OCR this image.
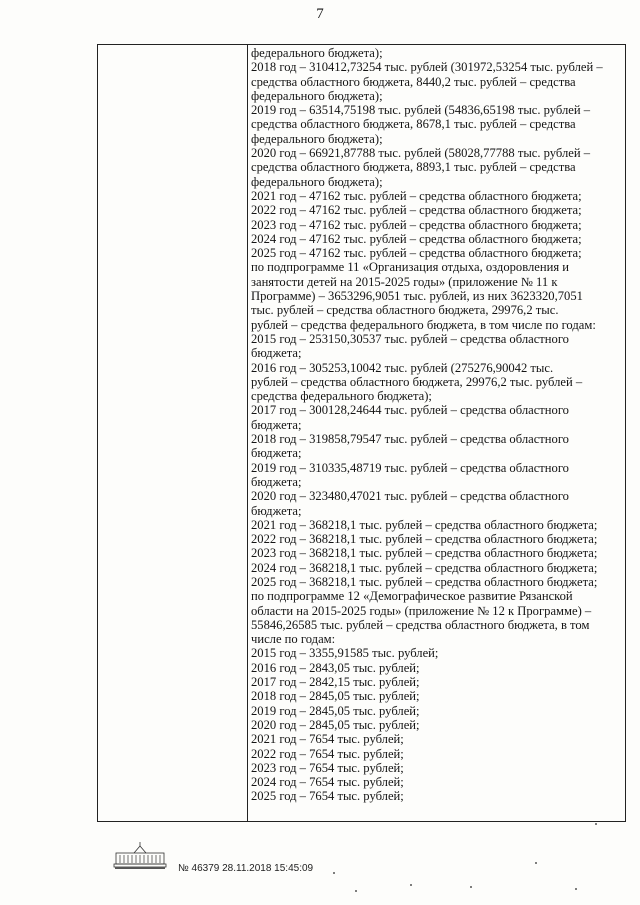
7
федерального бюджета);
2018 год – 310412,73254 тыс. рублей (301972,53254 тыс. рублей –
средства областного бюджета, 8440,2 тыс. рублей – средства
федерального бюджета);
2019 год – 63514,75198 тыс. рублей (54836,65198 тыс. рублей –
средства областного бюджета, 8678,1 тыс. рублей – средства
федерального бюджета);
2020 год – 66921,87788 тыс. рублей (58028,77788 тыс. рублей –
средства областного бюджета, 8893,1 тыс. рублей – средства
федерального бюджета);
2021 год – 47162 тыс. рублей – средства областного бюджета;
2022 год – 47162 тыс. рублей – средства областного бюджета;
2023 год – 47162 тыс. рублей – средства областного бюджета;
2024 год – 47162 тыс. рублей – средства областного бюджета;
2025 год – 47162 тыс. рублей – средства областного бюджета;
по подпрограмме 11 «Организация отдыха, оздоровления и
занятости детей на 2015-2025 годы» (приложение № 11 к
Программе) – 3653296,9051 тыс. рублей, из них 3623320,7051
тыс. рублей – средства областного бюджета, 29976,2 тыс.
рублей – средства федерального бюджета, в том числе по годам:
2015 год – 253150,30537 тыс. рублей – средства областного
бюджета;
2016 год – 305253,10042 тыс. рублей (275276,90042 тыс.
рублей – средства областного бюджета, 29976,2 тыс. рублей –
средства федерального бюджета);
2017 год – 300128,24644 тыс. рублей – средства областного
бюджета;
2018 год – 319858,79547 тыс. рублей – средства областного
бюджета;
2019 год – 310335,48719 тыс. рублей – средства областного
бюджета;
2020 год – 323480,47021 тыс. рублей – средства областного
бюджета;
2021 год – 368218,1 тыс. рублей – средства областного бюджета;
2022 год – 368218,1 тыс. рублей – средства областного бюджета;
2023 год – 368218,1 тыс. рублей – средства областного бюджета;
2024 год – 368218,1 тыс. рублей – средства областного бюджета;
2025 год – 368218,1 тыс. рублей – средства областного бюджета;
по подпрограмме 12 «Демографическое развитие Рязанской
области на 2015-2025 годы» (приложение № 12 к Программе) –
55846,26585 тыс. рублей – средства областного бюджета, в том
числе по годам:
2015 год – 3355,91585 тыс. рублей;
2016 год – 2843,05 тыс. рублей;
2017 год – 2842,15 тыс. рублей;
2018 год – 2845,05 тыс. рублей;
2019 год – 2845,05 тыс. рублей;
2020 год – 2845,05 тыс. рублей;
2021 год – 7654 тыс. рублей;
2022 год – 7654 тыс. рублей;
2023 год – 7654 тыс. рублей;
2024 год – 7654 тыс. рублей;
2025 год – 7654 тыс. рублей;
№ 46379 28.11.2018 15:45:09
